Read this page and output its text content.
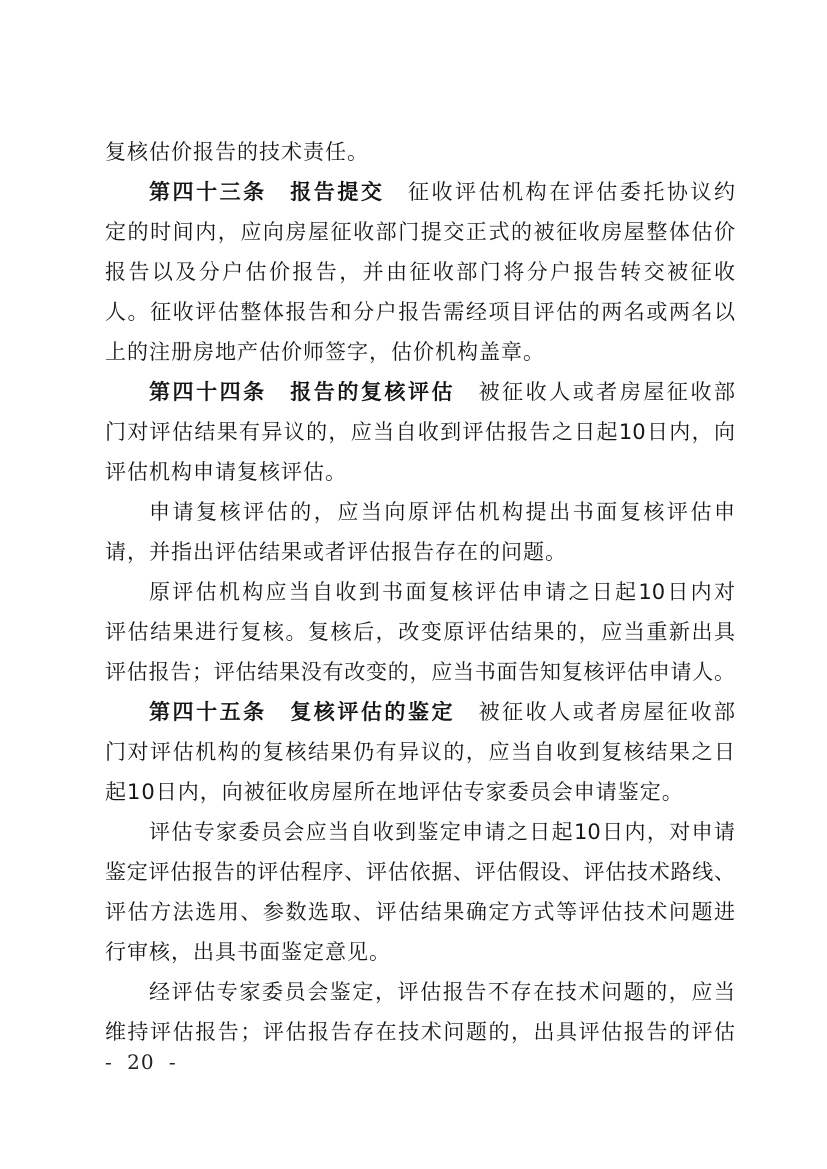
复核估价报告的技术责任。
第四十三条　报告提交　征收评估机构在评估委托协议约
定的时间内，应向房屋征收部门提交正式的被征收房屋整体估价
报告以及分户估价报告，并由征收部门将分户报告转交被征收
人。征收评估整体报告和分户报告需经项目评估的两名或两名以
上的注册房地产估价师签字，估价机构盖章。
第四十四条　报告的复核评估　被征收人或者房屋征收部
门对评估结果有异议的，应当自收到评估报告之日起10日内，向
评估机构申请复核评估。
申请复核评估的，应当向原评估机构提出书面复核评估申
请，并指出评估结果或者评估报告存在的问题。
原评估机构应当自收到书面复核评估申请之日起10日内对
评估结果进行复核。复核后，改变原评估结果的，应当重新出具
评估报告；评估结果没有改变的，应当书面告知复核评估申请人。
第四十五条　复核评估的鉴定　被征收人或者房屋征收部
门对评估机构的复核结果仍有异议的，应当自收到复核结果之日
起10日内，向被征收房屋所在地评估专家委员会申请鉴定。
评估专家委员会应当自收到鉴定申请之日起10日内，对申请
鉴定评估报告的评估程序、评估依据、评估假设、评估技术路线、
评估方法选用、参数选取、评估结果确定方式等评估技术问题进
行审核，出具书面鉴定意见。
经评估专家委员会鉴定，评估报告不存在技术问题的，应当
维持评估报告；评估报告存在技术问题的，出具评估报告的评估
- 20 -
